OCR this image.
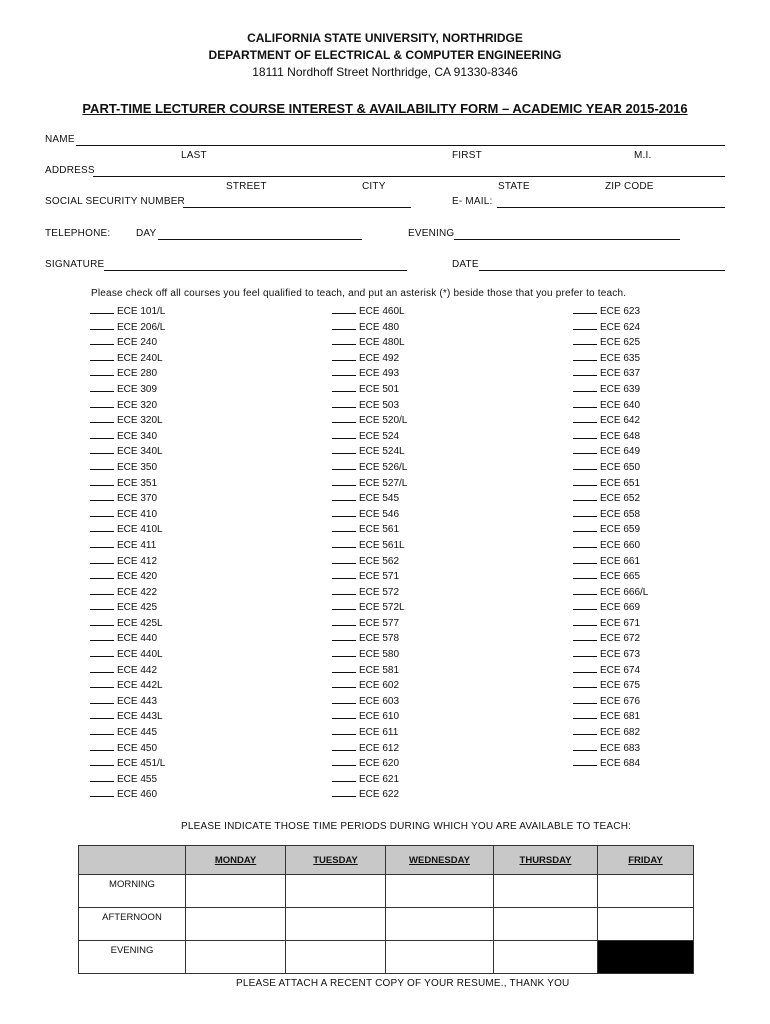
CALIFORNIA STATE UNIVERSITY, NORTHRIDGE
DEPARTMENT OF ELECTRICAL & COMPUTER ENGINEERING
18111 Nordhoff Street Northridge, CA 91330-8346
PART-TIME LECTURER COURSE INTEREST & AVAILABILITY FORM – ACADEMIC YEAR 2015-2016
NAME
LAST	FIRST	M.I.
ADDRESS
STREET	CITY	STATE	ZIP CODE
SOCIAL SECURITY NUMBER	E- MAIL:
TELEPHONE:	DAY	EVENING
SIGNATURE	DATE
Please check off all courses you feel qualified to teach, and put an asterisk (*) beside those that you prefer to teach.
ECE 101/L
ECE 206/L
ECE 240
ECE 240L
ECE 280
ECE 309
ECE 320
ECE 320L
ECE 340
ECE 340L
ECE 350
ECE 351
ECE 370
ECE 410
ECE 410L
ECE 411
ECE 412
ECE 420
ECE 422
ECE 425
ECE 425L
ECE 440
ECE 440L
ECE 442
ECE 442L
ECE 443
ECE 443L
ECE 445
ECE 450
ECE 451/L
ECE 455
ECE 460
ECE 460L
ECE 480
ECE 480L
ECE 492
ECE 493
ECE 501
ECE 503
ECE 520/L
ECE 524
ECE 524L
ECE 526/L
ECE 527/L
ECE 545
ECE 546
ECE 561
ECE 561L
ECE 562
ECE 571
ECE 572
ECE 572L
ECE 577
ECE 578
ECE 580
ECE 581
ECE 602
ECE 603
ECE 610
ECE 611
ECE 612
ECE 620
ECE 621
ECE 622
ECE 623
ECE 624
ECE 625
ECE 635
ECE 637
ECE 639
ECE 640
ECE 642
ECE 648
ECE 649
ECE 650
ECE 651
ECE 652
ECE 658
ECE 659
ECE 660
ECE 661
ECE 665
ECE 666/L
ECE 669
ECE 671
ECE 672
ECE 673
ECE 674
ECE 675
ECE 676
ECE 681
ECE 682
ECE 683
ECE 684
PLEASE INDICATE THOSE TIME PERIODS DURING WHICH YOU ARE AVAILABLE TO TEACH:
	MONDAY	TUESDAY	WEDNESDAY	THURSDAY	FRIDAY
MORNING					
AFTERNOON					
EVENING					
PLEASE ATTACH A RECENT COPY OF YOUR RESUME., THANK YOU
